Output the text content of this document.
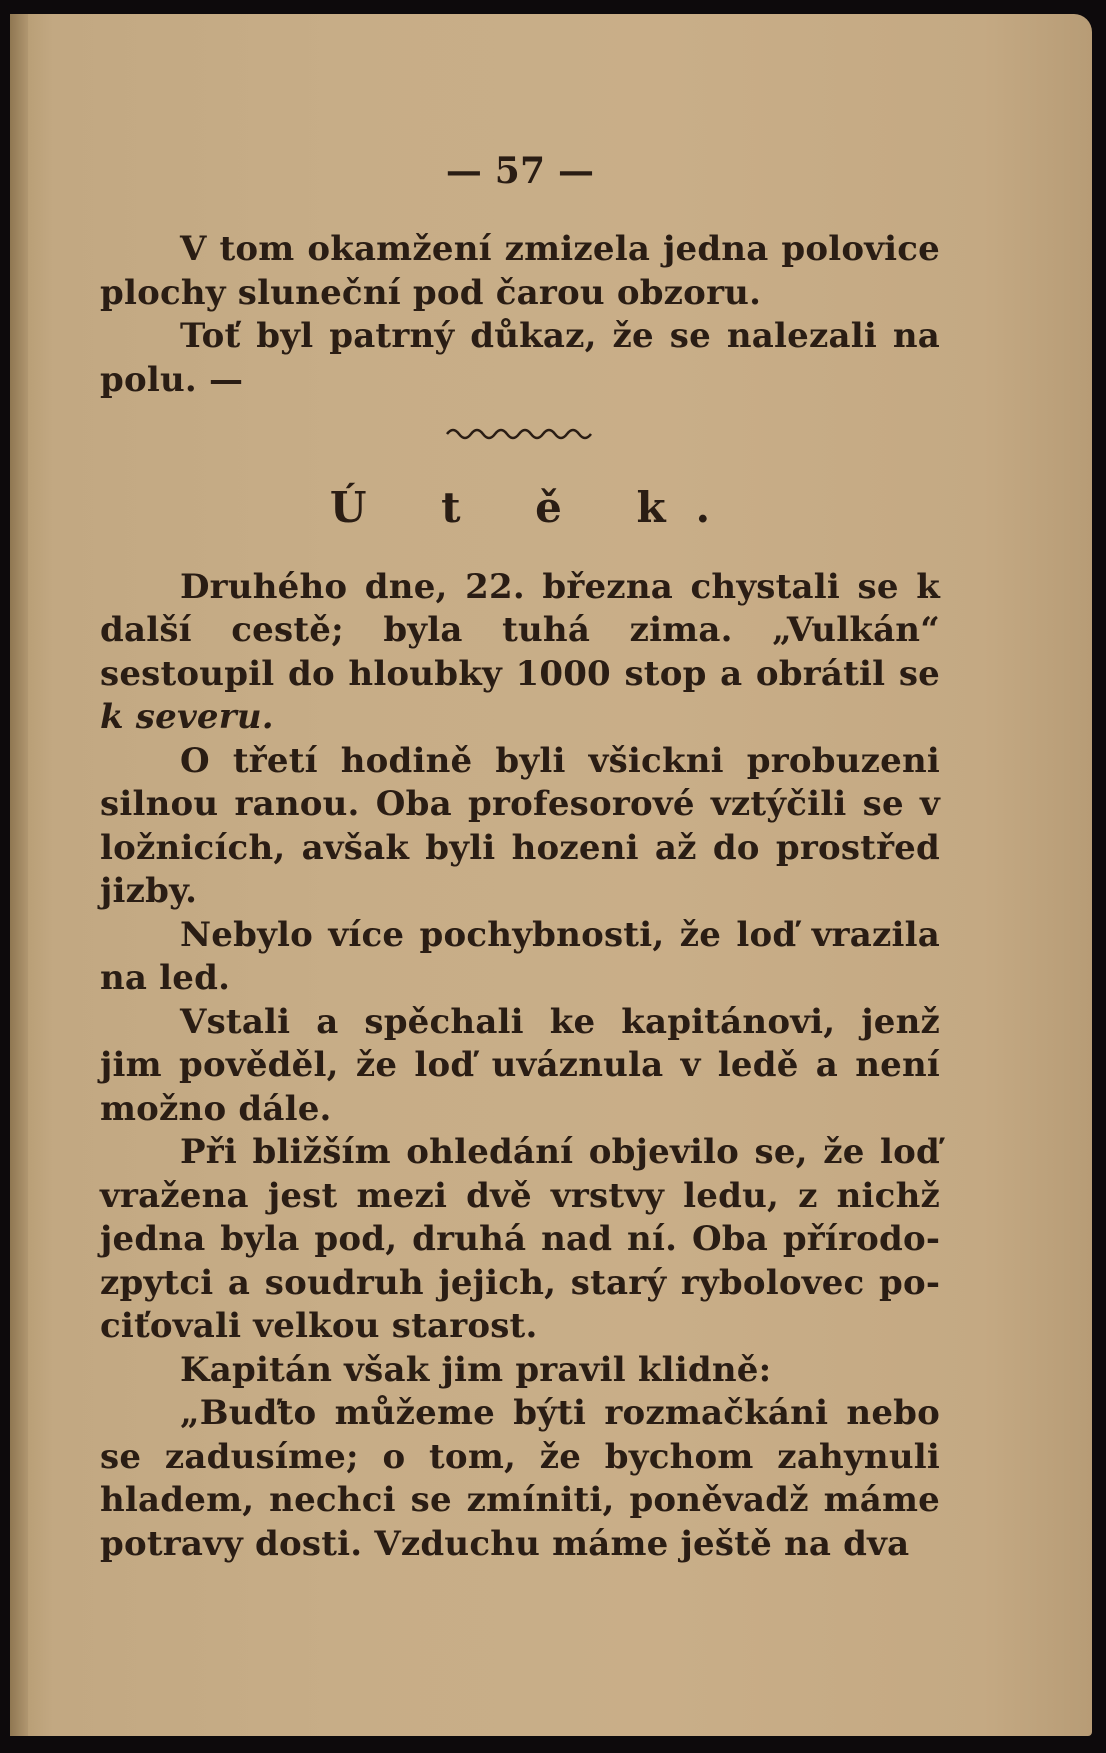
— 57 —

V tom okamžení zmizela jedna polovice plochy sluneční pod čarou obzoru.

Toť byl patrný důkaz, že se nalezali na polu. —

Ú t ě k.

Druhého dne, 22. března chystali se k další cestě; byla tuhá zima. „Vulkán“ sestoupil do hloubky 1000 stop a obrátil se k severu.

O třetí hodině byli všickni probuzeni silnou ranou. Oba profesorové vztýčili se v ložnicích, avšak byli hozeni až do prostřed jizby.

Nebylo více pochybnosti, že loď vrazila na led.

Vstali a spěchali ke kapitánovi, jenž jim pověděl, že loď uváznula v ledě a není možno dále.

Při bližším ohledání objevilo se, že loď vražena jest mezi dvě vrstvy ledu, z nichž jedna byla pod, druhá nad ní. Oba přírodozpytci a soudruh jejich, starý rybolovec pociťovali velkou starost.

Kapitán však jim pravil klidně:

„Buďto můžeme býti rozmačkáni nebo se zadusíme; o tom, že bychom zahynuli hladem, nechci se zmíniti, poněvadž máme potravy dosti. Vzduchu máme ještě na dva
